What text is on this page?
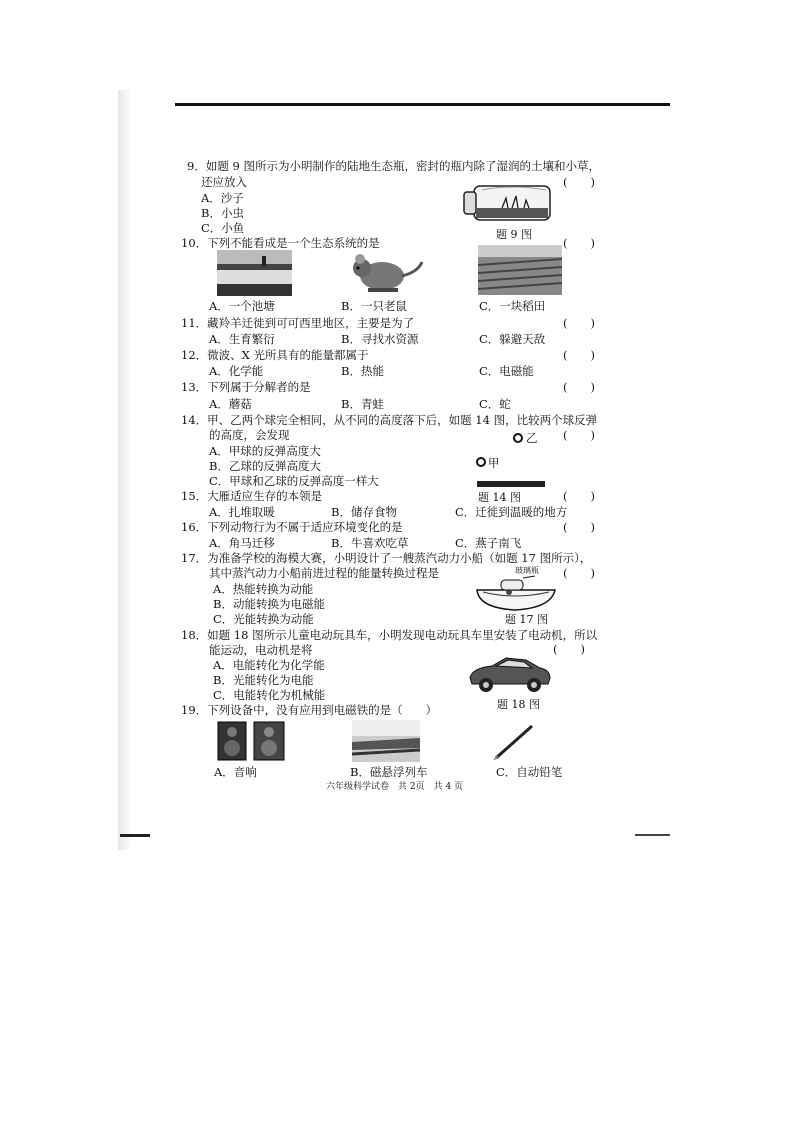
9．如题 9 图所示为小明制作的陆地生态瓶，密封的瓶内除了湿润的土壤和小草，
还应放入	(　　)
A．沙子
B．小虫
C．小鱼	题 9 图
10．下列不能看成是一个生态系统的是	(　　)
A．一个池塘	B．一只老鼠	C．一块稻田
11．藏羚羊迁徙到可可西里地区，主要是为了	(　　)
A．生育繁衍	B．寻找水资源	C．躲避天敌
12．微波、X 光所具有的能量都属于	(　　)
A．化学能	B．热能	C．电磁能
13．下列属于分解者的是	(　　)
A．蘑菇	B．青蛙	C．蛇
14．甲、乙两个球完全相同，从不同的高度落下后，如题 14 图，比较两个球反弹
的高度，会发现	(　　)
A．甲球的反弹高度大
B．乙球的反弹高度大
C．甲球和乙球的反弹高度一样大
乙
甲
题 14 图
15．大雁适应生存的本领是	(　　)
A．扎堆取暖	B．储存食物	C．迁徙到温暖的地方
16．下列动物行为不属于适应环境变化的是	(　　)
A．角马迁移	B．牛喜欢吃草	C．燕子南飞
17．为准备学校的海模大赛，小明设计了一艘蒸汽动力小船（如题 17 图所示），
其中蒸汽动力小船前进过程的能量转换过程是	(　　)
A．热能转换为动能
B．动能转换为电磁能
C．光能转换为动能
玻璃瓶
题 17 图
18．如题 18 图所示儿童电动玩具车，小明发现电动玩具车里安装了电动机，所以
能运动，电动机是将	(　　)
A．电能转化为化学能
B．光能转化为电能
C．电能转化为机械能
题 18 图
19．下列设备中，没有应用到电磁铁的是（　　）
A．音响	B．磁悬浮列车	C．自动铅笔
六年级科学试卷　共 2页　共 4 页
